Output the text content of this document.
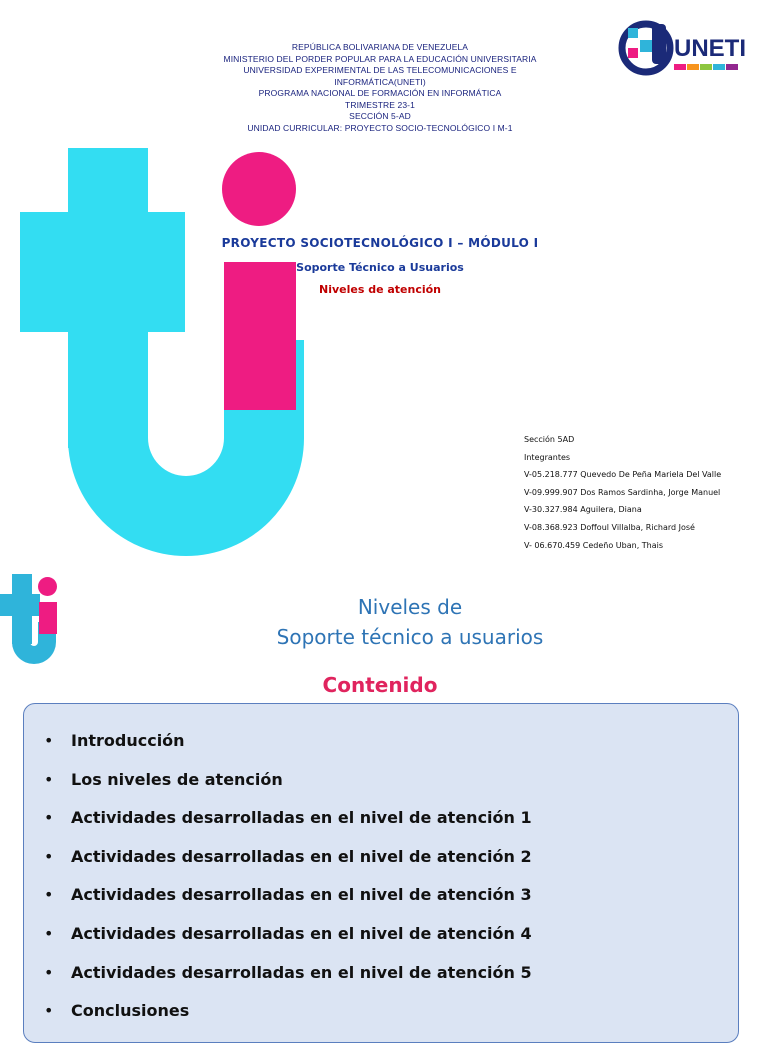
REPÚBLICA BOLIVARIANA DE VENEZUELA
MINISTERIO DEL PORDER POPULAR PARA LA EDUCACIÓN UNIVERSITARIA
UNIVERSIDAD EXPERIMENTAL DE LAS TELECOMUNICACIONES E
INFORMÁTICA(UNETI)
PROGRAMA NACIONAL DE FORMACIÓN EN INFORMÁTICA
TRIMESTRE 23-1
SECCIÓN 5-AD
UNIDAD CURRICULAR: PROYECTO SOCIO-TECNOLÓGICO I M-1
UNETI
PROYECTO SOCIOTECNOLÓGICO I – MÓDULO I
Soporte Técnico a Usuarios
Niveles de atención
Sección 5AD
Integrantes
V-05.218.777 Quevedo De Peña Mariela Del Valle
V-09.999.907 Dos Ramos Sardinha, Jorge Manuel
V-30.327.984 Aguilera, Diana
V-08.368.923 Doffoul Villalba, Richard José
V- 06.670.459 Cedeño Uban, Thais
Niveles de
Soporte técnico a usuarios
Contenido
•	Introducción
•	Los niveles de atención
•	Actividades desarrolladas en el nivel de atención 1
•	Actividades desarrolladas en el nivel de atención 2
•	Actividades desarrolladas en el nivel de atención 3
•	Actividades desarrolladas en el nivel de atención 4
•	Actividades desarrolladas en el nivel de atención 5
•	Conclusiones
